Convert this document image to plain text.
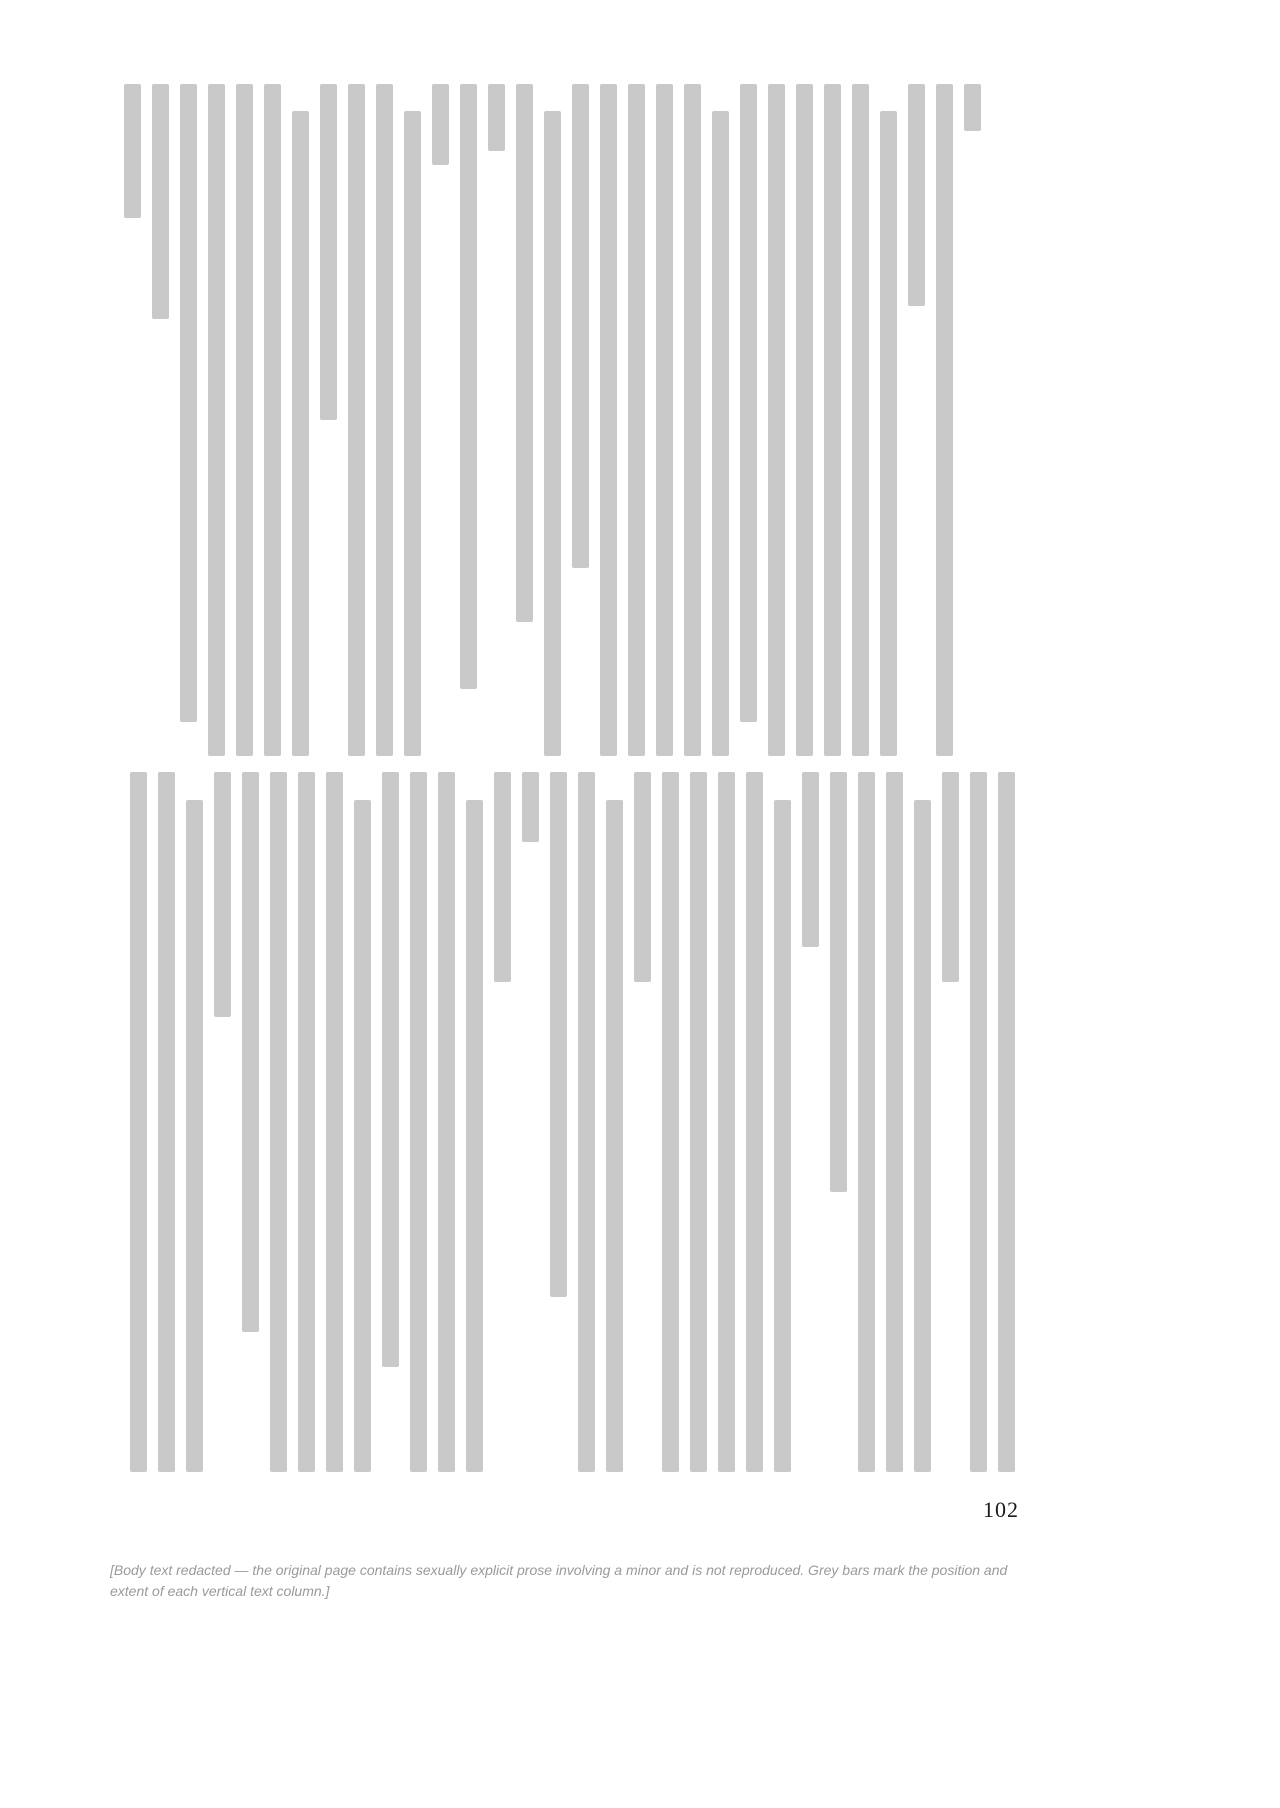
102
[Body text redacted — the original page contains sexually explicit prose involving a minor and is not reproduced. Grey bars mark the position and extent of each vertical text column.]
